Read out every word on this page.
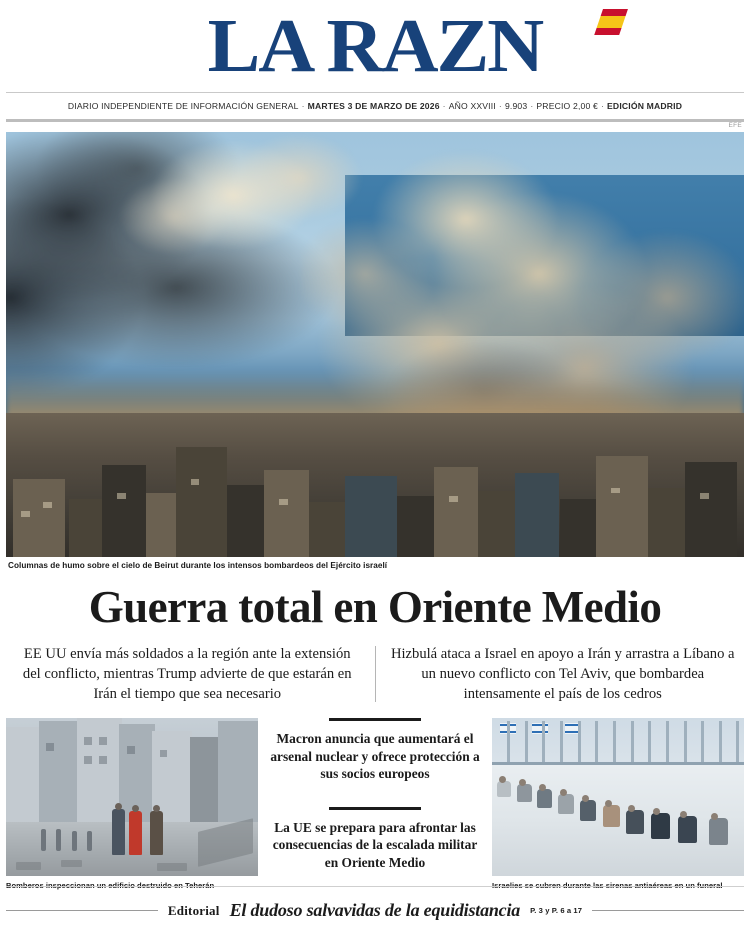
LA RAZN
DIARIO INDEPENDIENTE DE INFORMACIÓN GENERAL · MARTES 3 DE MARZO DE 2026 · AÑO XXVIII · 9.903 · PRECIO 2,00 € · EDICIÓN MADRID
EFE
Columnas de humo sobre el cielo de Beirut durante los intensos bombardeos del Ejército israelí
Guerra total en Oriente Medio
EE UU envía más soldados a la región ante la extensión del conflicto, mientras Trump advierte de que estarán en Irán el tiempo que sea necesario
Hizbulá ataca a Israel en apoyo a Irán y arrastra a Líbano a un nuevo conflicto con Tel Aviv, que bombardea intensamente el país de los cedros
Macron anuncia que aumentará el arsenal nuclear y ofrece protección a sus socios europeos
La UE se prepara para afrontar las consecuencias de la escalada militar en Oriente Medio
Editorial El dudoso salvavidas de la equidistancia P. 3 y P. 6 a 17
